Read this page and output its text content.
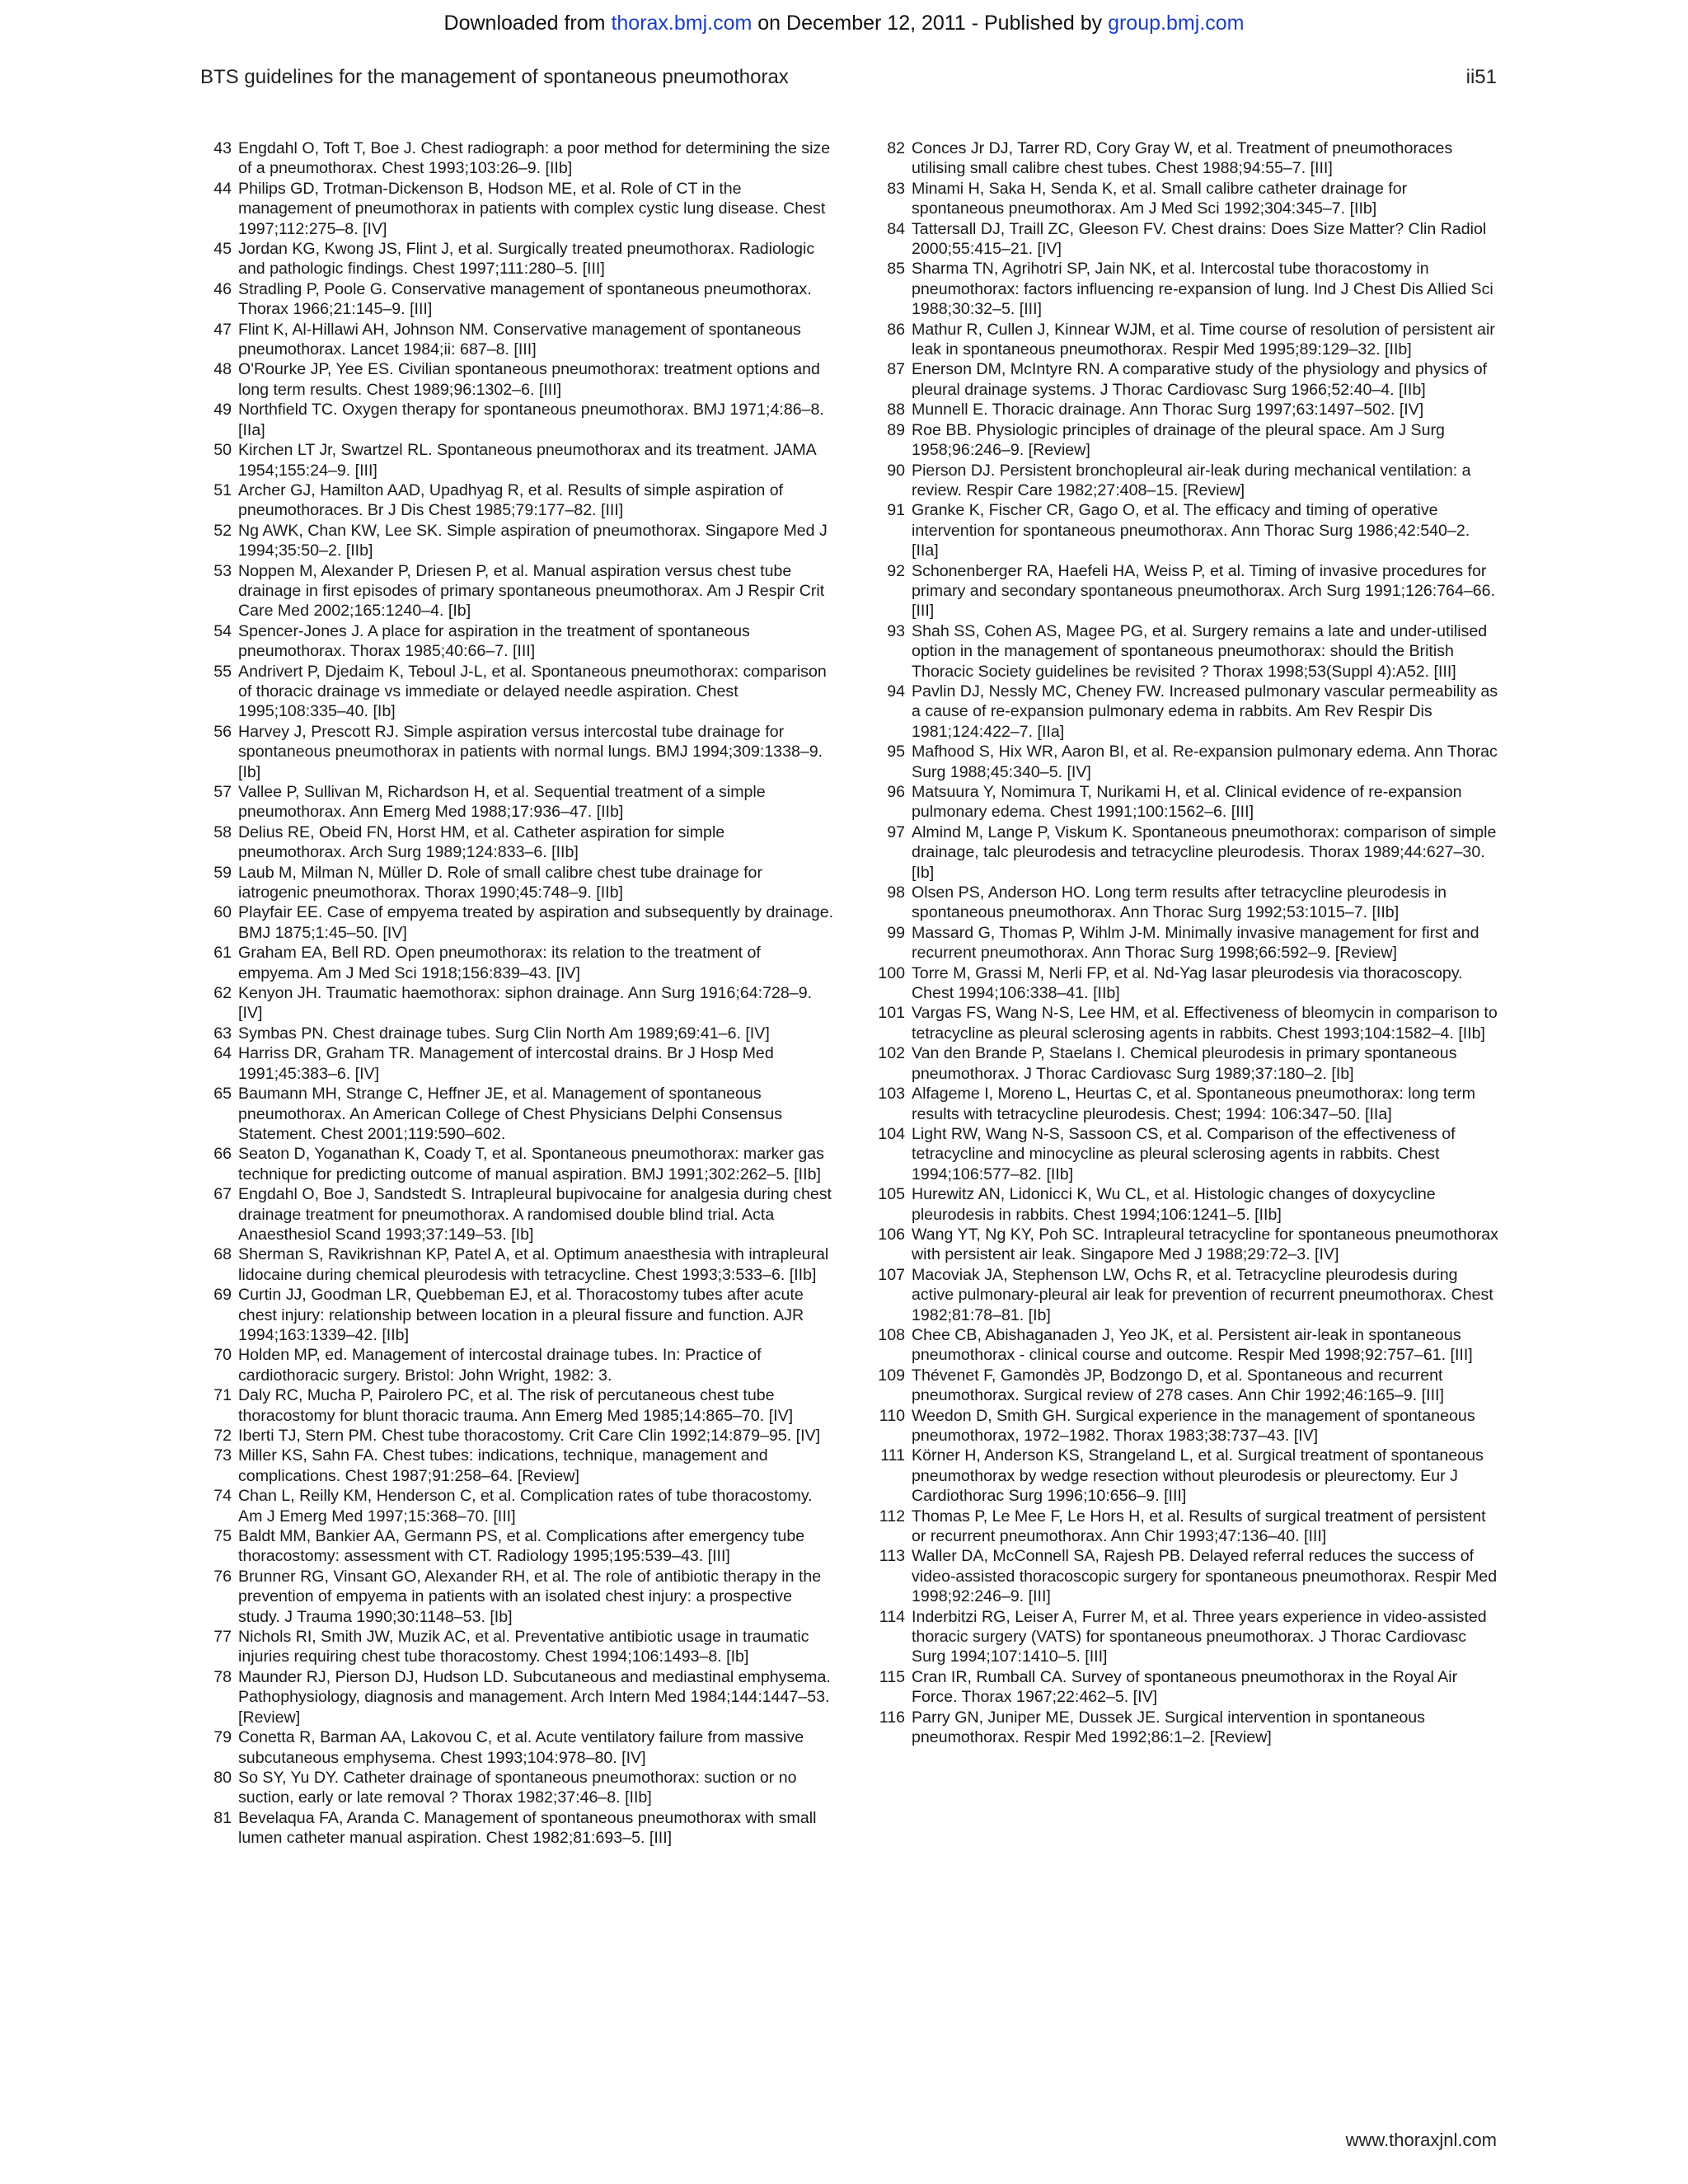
Downloaded from thorax.bmj.com on December 12, 2011 - Published by group.bmj.com
BTS guidelines for the management of spontaneous pneumothorax	ii51

43 Engdahl O, Toft T, Boe J. Chest radiograph: a poor method for determining the size of a pneumothorax. Chest 1993;103:26–9. [IIb]

44 Philips GD, Trotman-Dickenson B, Hodson ME, et al. Role of CT in the management of pneumothorax in patients with complex cystic lung disease. Chest 1997;112:275–8. [IV]

45 Jordan KG, Kwong JS, Flint J, et al. Surgically treated pneumothorax. Radiologic and pathologic findings. Chest 1997;111:280–5. [III]

46 Stradling P, Poole G. Conservative management of spontaneous pneumothorax. Thorax 1966;21:145–9. [III]

47 Flint K, Al-Hillawi AH, Johnson NM. Conservative management of spontaneous pneumothorax. Lancet 1984;ii: 687–8. [III]

48 O'Rourke JP, Yee ES. Civilian spontaneous pneumothorax: treatment options and long term results. Chest 1989;96:1302–6. [III]

49 Northfield TC. Oxygen therapy for spontaneous pneumothorax. BMJ 1971;4:86–8. [IIa]

50 Kirchen LT Jr, Swartzel RL. Spontaneous pneumothorax and its treatment. JAMA 1954;155:24–9. [III]

51 Archer GJ, Hamilton AAD, Upadhyag R, et al. Results of simple aspiration of pneumothoraces. Br J Dis Chest 1985;79:177–82. [III]

52 Ng AWK, Chan KW, Lee SK. Simple aspiration of pneumothorax. Singapore Med J 1994;35:50–2. [IIb]

53 Noppen M, Alexander P, Driesen P, et al. Manual aspiration versus chest tube drainage in first episodes of primary spontaneous pneumothorax. Am J Respir Crit Care Med 2002;165:1240–4. [Ib]

54 Spencer-Jones J. A place for aspiration in the treatment of spontaneous pneumothorax. Thorax 1985;40:66–7. [III]

55 Andrivert P, Djedaim K, Teboul J-L, et al. Spontaneous pneumothorax: comparison of thoracic drainage vs immediate or delayed needle aspiration. Chest 1995;108:335–40. [Ib]

56 Harvey J, Prescott RJ. Simple aspiration versus intercostal tube drainage for spontaneous pneumothorax in patients with normal lungs. BMJ 1994;309:1338–9. [Ib]

57 Vallee P, Sullivan M, Richardson H, et al. Sequential treatment of a simple pneumothorax. Ann Emerg Med 1988;17:936–47. [IIb]

58 Delius RE, Obeid FN, Horst HM, et al. Catheter aspiration for simple pneumothorax. Arch Surg 1989;124:833–6. [IIb]

59 Laub M, Milman N, Müller D. Role of small calibre chest tube drainage for iatrogenic pneumothorax. Thorax 1990;45:748–9. [IIb]

60 Playfair EE. Case of empyema treated by aspiration and subsequently by drainage. BMJ 1875;1:45–50. [IV]

61 Graham EA, Bell RD. Open pneumothorax: its relation to the treatment of empyema. Am J Med Sci 1918;156:839–43. [IV]

62 Kenyon JH. Traumatic haemothorax: siphon drainage. Ann Surg 1916;64:728–9. [IV]

63 Symbas PN. Chest drainage tubes. Surg Clin North Am 1989;69:41–6. [IV]

64 Harriss DR, Graham TR. Management of intercostal drains. Br J Hosp Med 1991;45:383–6. [IV]

65 Baumann MH, Strange C, Heffner JE, et al. Management of spontaneous pneumothorax. An American College of Chest Physicians Delphi Consensus Statement. Chest 2001;119:590–602.

66 Seaton D, Yoganathan K, Coady T, et al. Spontaneous pneumothorax: marker gas technique for predicting outcome of manual aspiration. BMJ 1991;302:262–5. [IIb]

67 Engdahl O, Boe J, Sandstedt S. Intrapleural bupivocaine for analgesia during chest drainage treatment for pneumothorax. A randomised double blind trial. Acta Anaesthesiol Scand 1993;37:149–53. [Ib]

68 Sherman S, Ravikrishnan KP, Patel A, et al. Optimum anaesthesia with intrapleural lidocaine during chemical pleurodesis with tetracycline. Chest 1993;3:533–6. [IIb]

69 Curtin JJ, Goodman LR, Quebbeman EJ, et al. Thoracostomy tubes after acute chest injury: relationship between location in a pleural fissure and function. AJR 1994;163:1339–42. [IIb]

70 Holden MP, ed. Management of intercostal drainage tubes. In: Practice of cardiothoracic surgery. Bristol: John Wright, 1982: 3.

71 Daly RC, Mucha P, Pairolero PC, et al. The risk of percutaneous chest tube thoracostomy for blunt thoracic trauma. Ann Emerg Med 1985;14:865–70. [IV]

72 Iberti TJ, Stern PM. Chest tube thoracostomy. Crit Care Clin 1992;14:879–95. [IV]

73 Miller KS, Sahn FA. Chest tubes: indications, technique, management and complications. Chest 1987;91:258–64. [Review]

74 Chan L, Reilly KM, Henderson C, et al. Complication rates of tube thoracostomy. Am J Emerg Med 1997;15:368–70. [III]

75 Baldt MM, Bankier AA, Germann PS, et al. Complications after emergency tube thoracostomy: assessment with CT. Radiology 1995;195:539–43. [III]

76 Brunner RG, Vinsant GO, Alexander RH, et al. The role of antibiotic therapy in the prevention of empyema in patients with an isolated chest injury: a prospective study. J Trauma 1990;30:1148–53. [Ib]

77 Nichols RI, Smith JW, Muzik AC, et al. Preventative antibiotic usage in traumatic injuries requiring chest tube thoracostomy. Chest 1994;106:1493–8. [Ib]

78 Maunder RJ, Pierson DJ, Hudson LD. Subcutaneous and mediastinal emphysema. Pathophysiology, diagnosis and management. Arch Intern Med 1984;144:1447–53. [Review]

79 Conetta R, Barman AA, Lakovou C, et al. Acute ventilatory failure from massive subcutaneous emphysema. Chest 1993;104:978–80. [IV]

80 So SY, Yu DY. Catheter drainage of spontaneous pneumothorax: suction or no suction, early or late removal ? Thorax 1982;37:46–8. [IIb]

81 Bevelaqua FA, Aranda C. Management of spontaneous pneumothorax with small lumen catheter manual aspiration. Chest 1982;81:693–5. [III]

82 Conces Jr DJ, Tarrer RD, Cory Gray W, et al. Treatment of pneumothoraces utilising small calibre chest tubes. Chest 1988;94:55–7. [III]

83 Minami H, Saka H, Senda K, et al. Small calibre catheter drainage for spontaneous pneumothorax. Am J Med Sci 1992;304:345–7. [IIb]

84 Tattersall DJ, Traill ZC, Gleeson FV. Chest drains: Does Size Matter? Clin Radiol 2000;55:415–21. [IV]

85 Sharma TN, Agrihotri SP, Jain NK, et al. Intercostal tube thoracostomy in pneumothorax: factors influencing re-expansion of lung. Ind J Chest Dis Allied Sci 1988;30:32–5. [III]

86 Mathur R, Cullen J, Kinnear WJM, et al. Time course of resolution of persistent air leak in spontaneous pneumothorax. Respir Med 1995;89:129–32. [IIb]

87 Enerson DM, McIntyre RN. A comparative study of the physiology and physics of pleural drainage systems. J Thorac Cardiovasc Surg 1966;52:40–4. [IIb]

88 Munnell E. Thoracic drainage. Ann Thorac Surg 1997;63:1497–502. [IV]

89 Roe BB. Physiologic principles of drainage of the pleural space. Am J Surg 1958;96:246–9. [Review]

90 Pierson DJ. Persistent bronchopleural air-leak during mechanical ventilation: a review. Respir Care 1982;27:408–15. [Review]

91 Granke K, Fischer CR, Gago O, et al. The efficacy and timing of operative intervention for spontaneous pneumothorax. Ann Thorac Surg 1986;42:540–2. [IIa]

92 Schonenberger RA, Haefeli HA, Weiss P, et al. Timing of invasive procedures for primary and secondary spontaneous pneumothorax. Arch Surg 1991;126:764–66. [III]

93 Shah SS, Cohen AS, Magee PG, et al. Surgery remains a late and under-utilised option in the management of spontaneous pneumothorax: should the British Thoracic Society guidelines be revisited ? Thorax 1998;53(Suppl 4):A52. [III]

94 Pavlin DJ, Nessly MC, Cheney FW. Increased pulmonary vascular permeability as a cause of re-expansion pulmonary edema in rabbits. Am Rev Respir Dis 1981;124:422–7. [IIa]

95 Mafhood S, Hix WR, Aaron BI, et al. Re-expansion pulmonary edema. Ann Thorac Surg 1988;45:340–5. [IV]

96 Matsuura Y, Nomimura T, Nurikami H, et al. Clinical evidence of re-expansion pulmonary edema. Chest 1991;100:1562–6. [III]

97 Almind M, Lange P, Viskum K. Spontaneous pneumothorax: comparison of simple drainage, talc pleurodesis and tetracycline pleurodesis. Thorax 1989;44:627–30. [Ib]

98 Olsen PS, Anderson HO. Long term results after tetracycline pleurodesis in spontaneous pneumothorax. Ann Thorac Surg 1992;53:1015–7. [IIb]

99 Massard G, Thomas P, Wihlm J-M. Minimally invasive management for first and recurrent pneumothorax. Ann Thorac Surg 1998;66:592–9. [Review]

100 Torre M, Grassi M, Nerli FP, et al. Nd-Yag lasar pleurodesis via thoracoscopy. Chest 1994;106:338–41. [IIb]

101 Vargas FS, Wang N-S, Lee HM, et al. Effectiveness of bleomycin in comparison to tetracycline as pleural sclerosing agents in rabbits. Chest 1993;104:1582–4. [IIb]

102 Van den Brande P, Staelans I. Chemical pleurodesis in primary spontaneous pneumothorax. J Thorac Cardiovasc Surg 1989;37:180–2. [Ib]

103 Alfageme I, Moreno L, Heurtas C, et al. Spontaneous pneumothorax: long term results with tetracycline pleurodesis. Chest; 1994: 106:347–50. [IIa]

104 Light RW, Wang N-S, Sassoon CS, et al. Comparison of the effectiveness of tetracycline and minocycline as pleural sclerosing agents in rabbits. Chest 1994;106:577–82. [IIb]

105 Hurewitz AN, Lidonicci K, Wu CL, et al. Histologic changes of doxycycline pleurodesis in rabbits. Chest 1994;106:1241–5. [IIb]

106 Wang YT, Ng KY, Poh SC. Intrapleural tetracycline for spontaneous pneumothorax with persistent air leak. Singapore Med J 1988;29:72–3. [IV]

107 Macoviak JA, Stephenson LW, Ochs R, et al. Tetracycline pleurodesis during active pulmonary-pleural air leak for prevention of recurrent pneumothorax. Chest 1982;81:78–81. [Ib]

108 Chee CB, Abishaganaden J, Yeo JK, et al. Persistent air-leak in spontaneous pneumothorax - clinical course and outcome. Respir Med 1998;92:757–61. [III]

109 Thévenet F, Gamondès JP, Bodzongo D, et al. Spontaneous and recurrent pneumothorax. Surgical review of 278 cases. Ann Chir 1992;46:165–9. [III]

110 Weedon D, Smith GH. Surgical experience in the management of spontaneous pneumothorax, 1972–1982. Thorax 1983;38:737–43. [IV]

111 Körner H, Anderson KS, Strangeland L, et al. Surgical treatment of spontaneous pneumothorax by wedge resection without pleurodesis or pleurectomy. Eur J Cardiothorac Surg 1996;10:656–9. [III]

112 Thomas P, Le Mee F, Le Hors H, et al. Results of surgical treatment of persistent or recurrent pneumothorax. Ann Chir 1993;47:136–40. [III]

113 Waller DA, McConnell SA, Rajesh PB. Delayed referral reduces the success of video-assisted thoracoscopic surgery for spontaneous pneumothorax. Respir Med 1998;92:246–9. [III]

114 Inderbitzi RG, Leiser A, Furrer M, et al. Three years experience in video-assisted thoracic surgery (VATS) for spontaneous pneumothorax. J Thorac Cardiovasc Surg 1994;107:1410–5. [III]

115 Cran IR, Rumball CA. Survey of spontaneous pneumothorax in the Royal Air Force. Thorax 1967;22:462–5. [IV]

116 Parry GN, Juniper ME, Dussek JE. Surgical intervention in spontaneous pneumothorax. Respir Med 1992;86:1–2. [Review]

www.thoraxjnl.com
